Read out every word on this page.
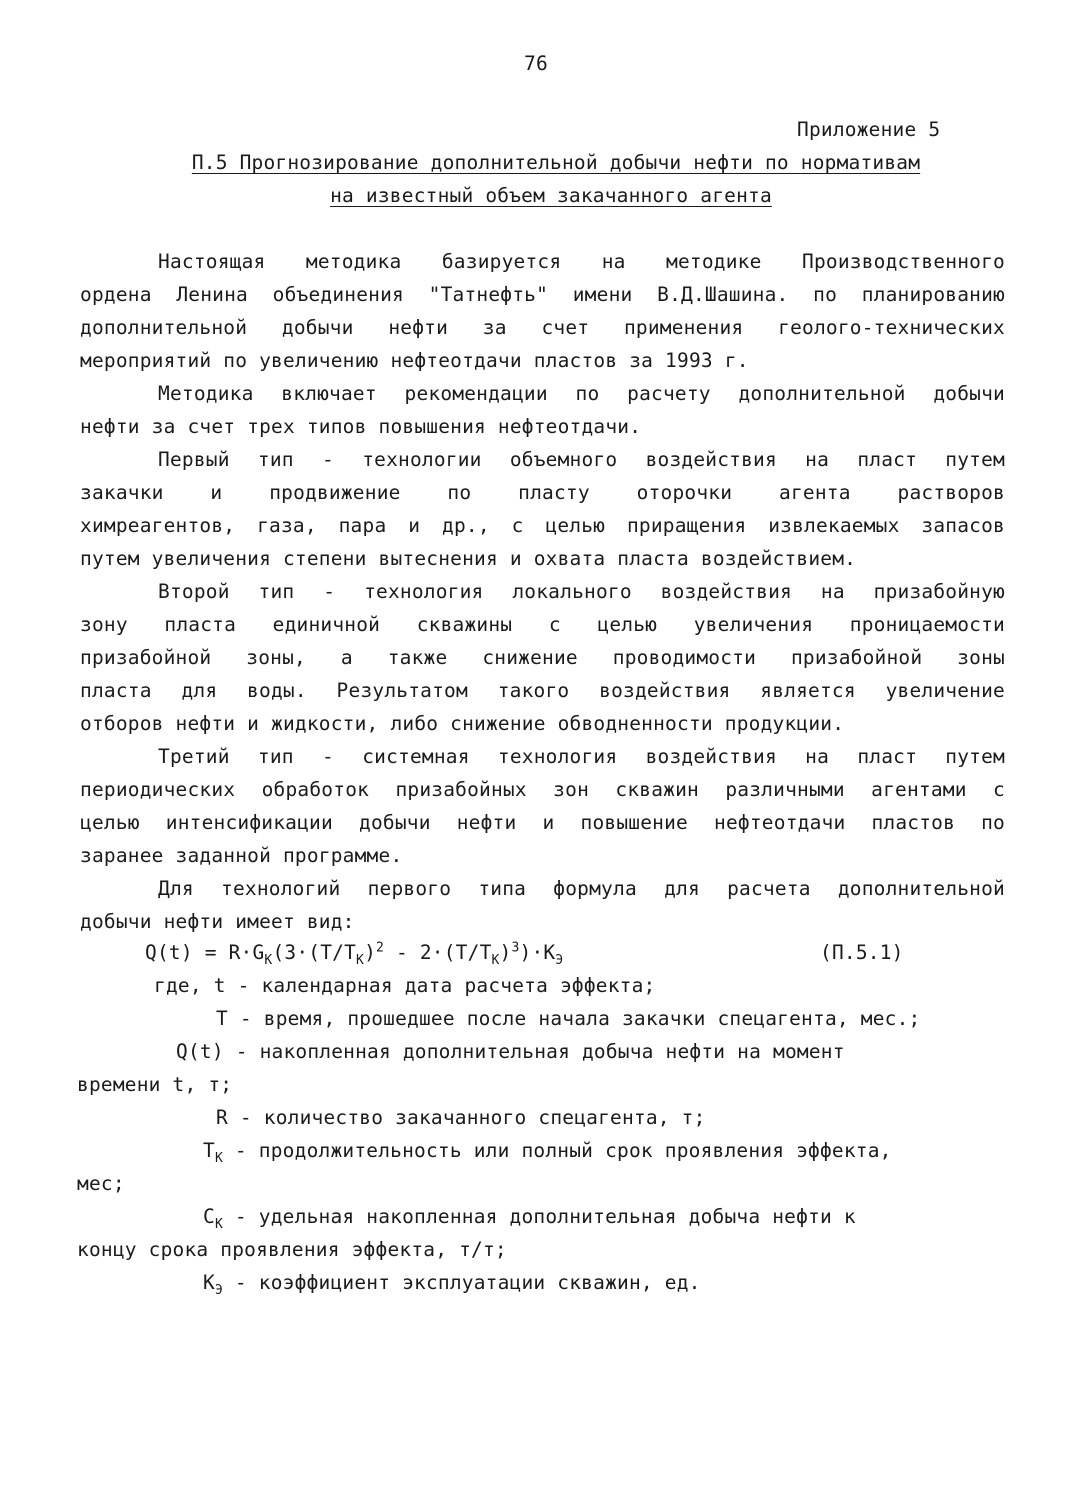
76
Приложение 5
П.5 Прогнозирование дополнительной добычи нефти по нормативам
на известный объем закачанного агента
Настоящая методика базируется на методике Производственного
ордена Ленина объединения "Татнефть" имени В.Д.Шашина. по планированию
дополнительной добычи нефти за счет применения геолого-технических
мероприятий по увеличению нефтеотдачи пластов за 1993 г.
Методика включает рекомендации по расчету дополнительной добычи
нефти за счет трех типов повышения нефтеотдачи.
Первый тип - технологии объемного воздействия на пласт путем
закачки и продвижение по пласту оторочки агента растворов
химреагентов, газа, пара и др., с целью приращения извлекаемых запасов
путем увеличения степени вытеснения и охвата пласта воздействием.
Второй тип - технология локального воздействия на призабойную
зону пласта единичной скважины с целью увеличения проницаемости
призабойной зоны, а также снижение проводимости призабойной зоны
пласта для воды. Результатом такого воздействия является увеличение
отборов нефти и жидкости, либо снижение обводненности продукции.
Третий тип - системная технология воздействия на пласт путем
периодических обработок призабойных зон скважин различными агентами с
целью интенсификации добычи нефти и повышение нефтеотдачи пластов по
заранее заданной программе.
Для технологий первого типа формула для расчета дополнительной
добычи нефти имеет вид:
$Q(t) = R\cdot G_K(3\cdot(T/T_K)^2 - 2\cdot(T/T_K)^3)\cdot K_Э$	(П.5.1)
где, t - календарная дата расчета эффекта;
T - время, прошедшее после начала закачки спецагента, мес.;
Q(t) - накопленная дополнительная добыча нефти на момент
времени t, т;
R - количество закачанного спецагента, т;
$T_K$ - продолжительность или полный срок проявления эффекта,
мес;
$C_K$ - удельная накопленная дополнительная добыча нефти к
концу срока проявления эффекта, т/т;
$K_Э$ - коэффициент эксплуатации скважин, ед.
